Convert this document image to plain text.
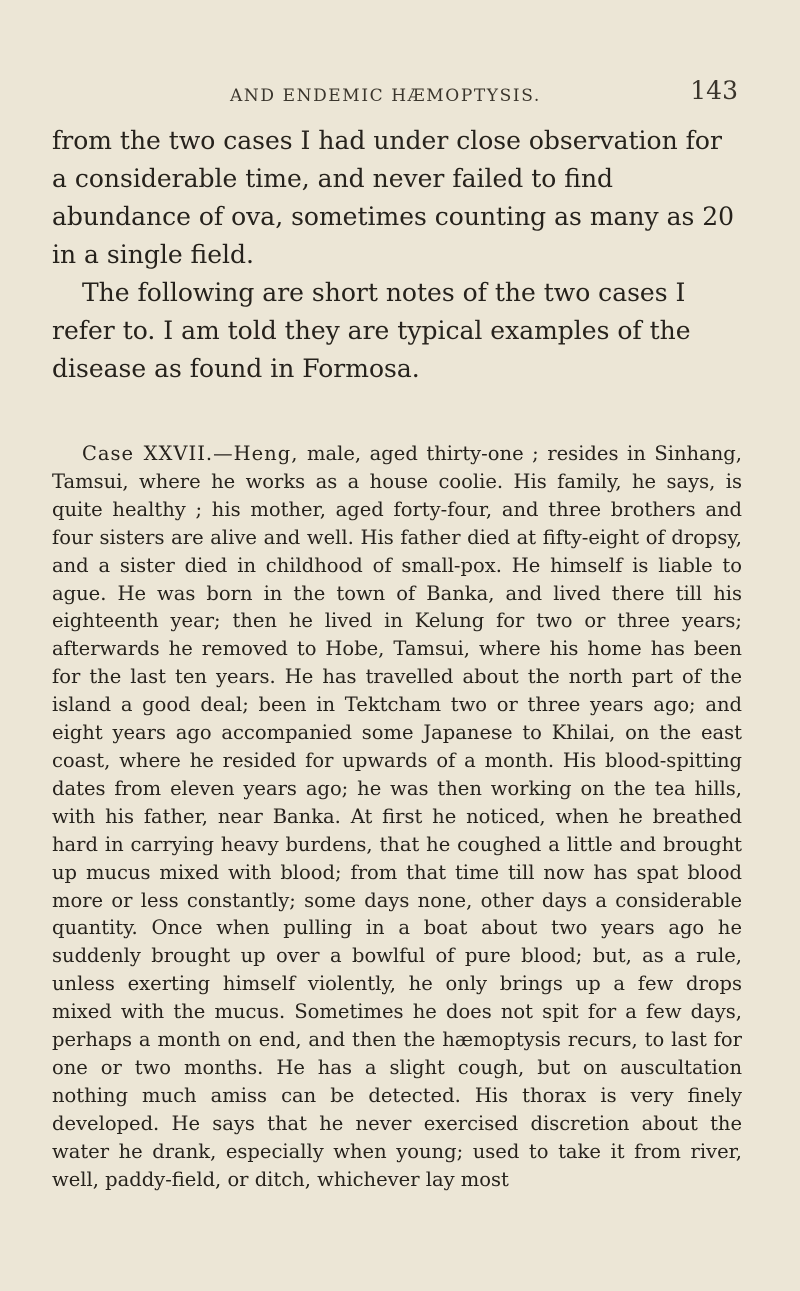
AND ENDEMIC HÆMOPTYSIS.	143

from the two cases I had under close observation for a considerable time, and never failed to find abundance of ova, sometimes counting as many as 20 in a single field.

The following are short notes of the two cases I refer to. I am told they are typical examples of the disease as found in Formosa.

Case XXVII.—Heng, male, aged thirty-one ; resides in Sinhang, Tamsui, where he works as a house coolie. His family, he says, is quite healthy ; his mother, aged forty-four, and three brothers and four sisters are alive and well. His father died at fifty-eight of dropsy, and a sister died in childhood of small-pox. He himself is liable to ague. He was born in the town of Banka, and lived there till his eighteenth year; then he lived in Kelung for two or three years; afterwards he removed to Hobe, Tamsui, where his home has been for the last ten years. He has travelled about the north part of the island a good deal; been in Tektcham two or three years ago; and eight years ago accompanied some Japanese to Khilai, on the east coast, where he resided for upwards of a month. His blood-spitting dates from eleven years ago; he was then working on the tea hills, with his father, near Banka. At first he noticed, when he breathed hard in carrying heavy burdens, that he coughed a little and brought up mucus mixed with blood; from that time till now has spat blood more or less constantly; some days none, other days a considerable quantity. Once when pulling in a boat about two years ago he suddenly brought up over a bowlful of pure blood; but, as a rule, unless exerting himself violently, he only brings up a few drops mixed with the mucus. Sometimes he does not spit for a few days, perhaps a month on end, and then the hæmoptysis recurs, to last for one or two months. He has a slight cough, but on auscultation nothing much amiss can be detected. His thorax is very finely developed. He says that he never exercised discretion about the water he drank, especially when young; used to take it from river, well, paddy-field, or ditch, whichever lay most
